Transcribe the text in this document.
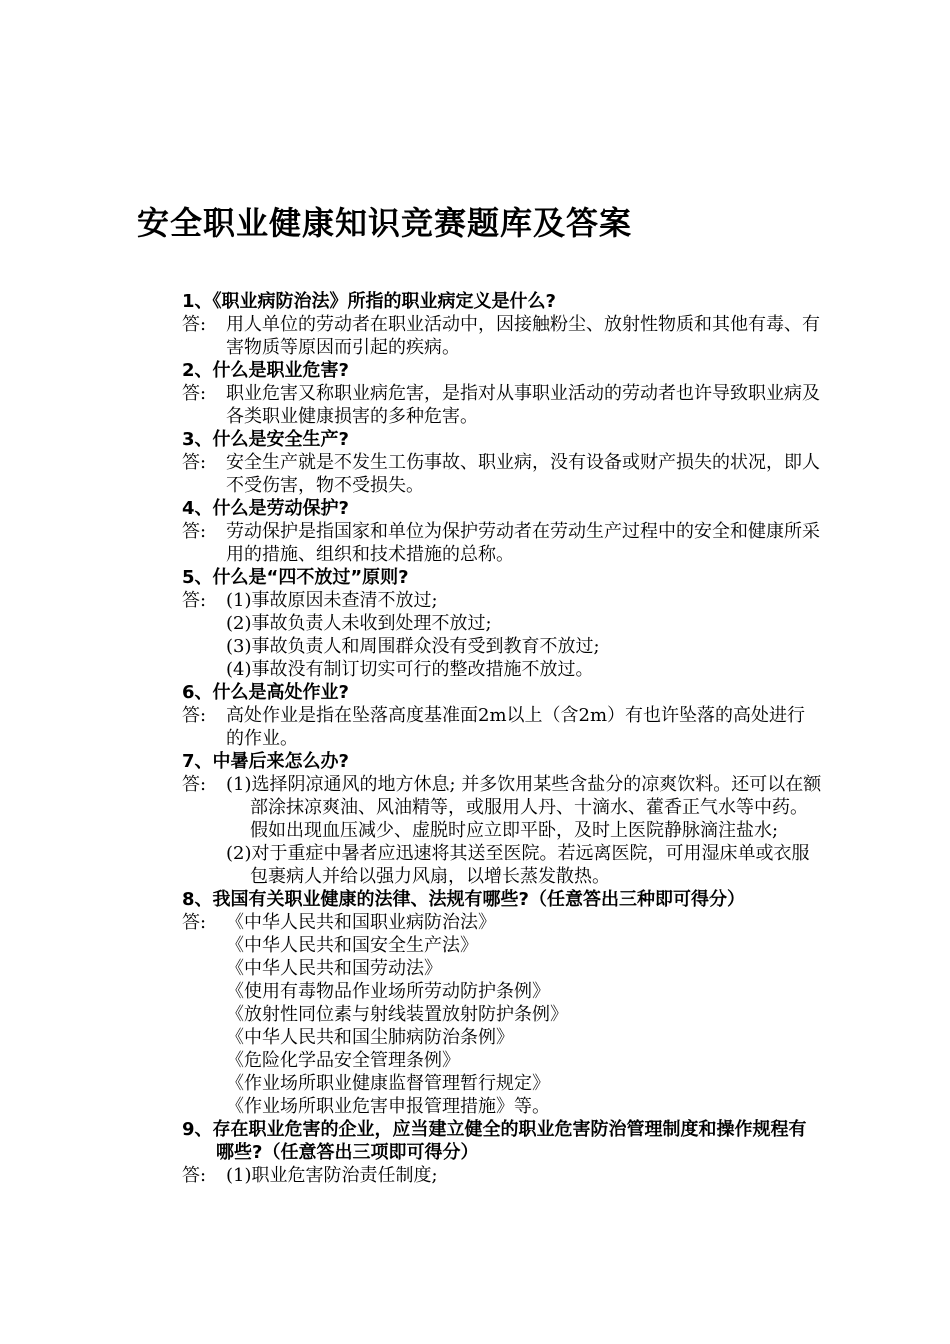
安全职业健康知识竞赛题库及答案
1、《职业病防治法》所指的职业病定义是什么?
答:	用人单位的劳动者在职业活动中，因接触粉尘、放射性物质和其他有毒、有害物质等原因而引起的疾病。

2、什么是职业危害?
答:	职业危害又称职业病危害，是指对从事职业活动的劳动者也许导致职业病及各类职业健康损害的多种危害。

3、什么是安全生产?
答:	安全生产就是不发生工伤事故、职业病，没有设备或财产损失的状况，即人不受伤害，物不受损失。

4、什么是劳动保护?
答:	劳动保护是指国家和单位为保护劳动者在劳动生产过程中的安全和健康所采用的措施、组织和技术措施的总称。

5、什么是“四不放过”原则?
答:	(1)事故原因未查清不放过;

(2)事故负责人未收到处理不放过;

(3)事故负责人和周围群众没有受到教育不放过;

(4)事故没有制订切实可行的整改措施不放过。

6、什么是高处作业?
答:	高处作业是指在坠落高度基准面2m以上（含2m）有也许坠落的高处进行的作业。

7、中暑后来怎么办?
答:	(1)选择阴凉通风的地方休息; 并多饮用某些含盐分的凉爽饮料。还可以在额部涂抹凉爽油、风油精等，或服用人丹、十滴水、藿香正气水等中药。假如出现血压减少、虚脱时应立即平卧，及时上医院静脉滴注盐水;

(2)对于重症中暑者应迅速将其送至医院。若远离医院，可用湿床单或衣服包裹病人并给以强力风扇，以增长蒸发散热。

8、我国有关职业健康的法律、法规有哪些?（任意答出三种即可得分）
答:	《中华人民共和国职业病防治法》

《中华人民共和国安全生产法》

《中华人民共和国劳动法》

《使用有毒物品作业场所劳动防护条例》

《放射性同位素与射线装置放射防护条例》

《中华人民共和国尘肺病防治条例》

《危险化学品安全管理条例》

《作业场所职业健康监督管理暂行规定》

《作业场所职业危害申报管理措施》等。

9、存在职业危害的企业，应当建立健全的职业危害防治管理制度和操作规程有哪些?（任意答出三项即可得分）
答:	(1)职业危害防治责任制度;
